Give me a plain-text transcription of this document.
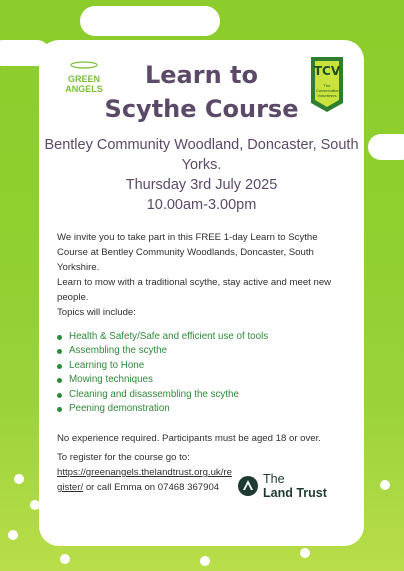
Learn to
Scythe Course
Bentley Community Woodland, Doncaster, South
Yorks.
Thursday 3rd July 2025
10.00am-3.00pm

We invite you to take part in this FREE 1-day Learn to Scythe Course at Bentley Community Woodlands, Doncaster, South Yorkshire.

Learn to mow with a traditional scythe, stay active and meet new people.

Topics will include:

Health & Safety/Safe and efficient use of tools
Assembling the scythe
Learning to Hone
Mowing techniques
Cleaning and disassembling the scythe
Peening demonstration

No experience required. Participants must be aged 18 or over.

To register for the course go to:

https://greenangels.thelandtrust.org.uk/register/ or call Emma on 07468 367904

The
Land Trust
GREEN
ANGELS
TCV
The Conservation Volunteers
